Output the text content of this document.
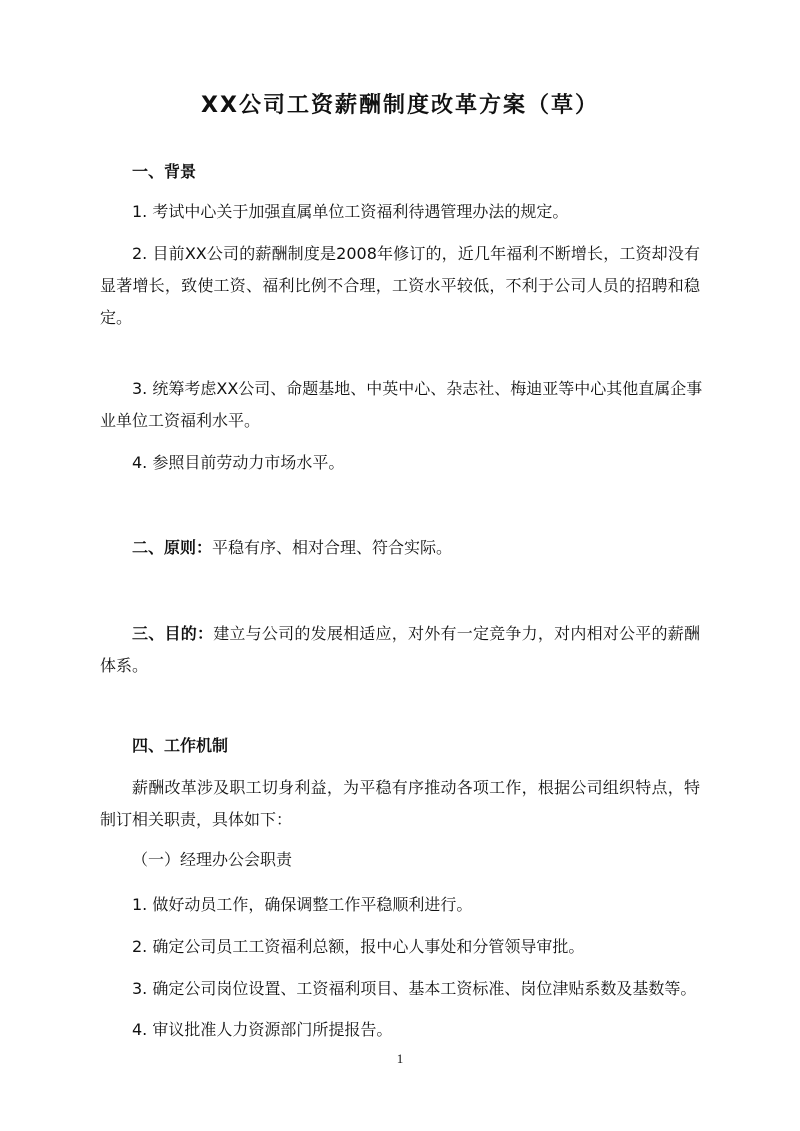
XX公司工资薪酬制度改革方案（草）
一、背景
1. 考试中心关于加强直属单位工资福利待遇管理办法的规定。
2. 目前XX公司的薪酬制度是2008年修订的，近几年福利不断增长，工资却没有
显著增长，致使工资、福利比例不合理，工资水平较低，不利于公司人员的招聘和稳
定。
3. 统筹考虑XX公司、命题基地、中英中心、杂志社、梅迪亚等中心其他直属企事
业单位工资福利水平。
4. 参照目前劳动力市场水平。
二、原则：平稳有序、相对合理、符合实际。
三、目的：建立与公司的发展相适应，对外有一定竞争力，对内相对公平的薪酬
体系。
四、工作机制
薪酬改革涉及职工切身利益，为平稳有序推动各项工作，根据公司组织特点，特
制订相关职责，具体如下：
（一）经理办公会职责
1. 做好动员工作，确保调整工作平稳顺利进行。
2. 确定公司员工工资福利总额，报中心人事处和分管领导审批。
3. 确定公司岗位设置、工资福利项目、基本工资标准、岗位津贴系数及基数等。
4. 审议批准人力资源部门所提报告。
1
